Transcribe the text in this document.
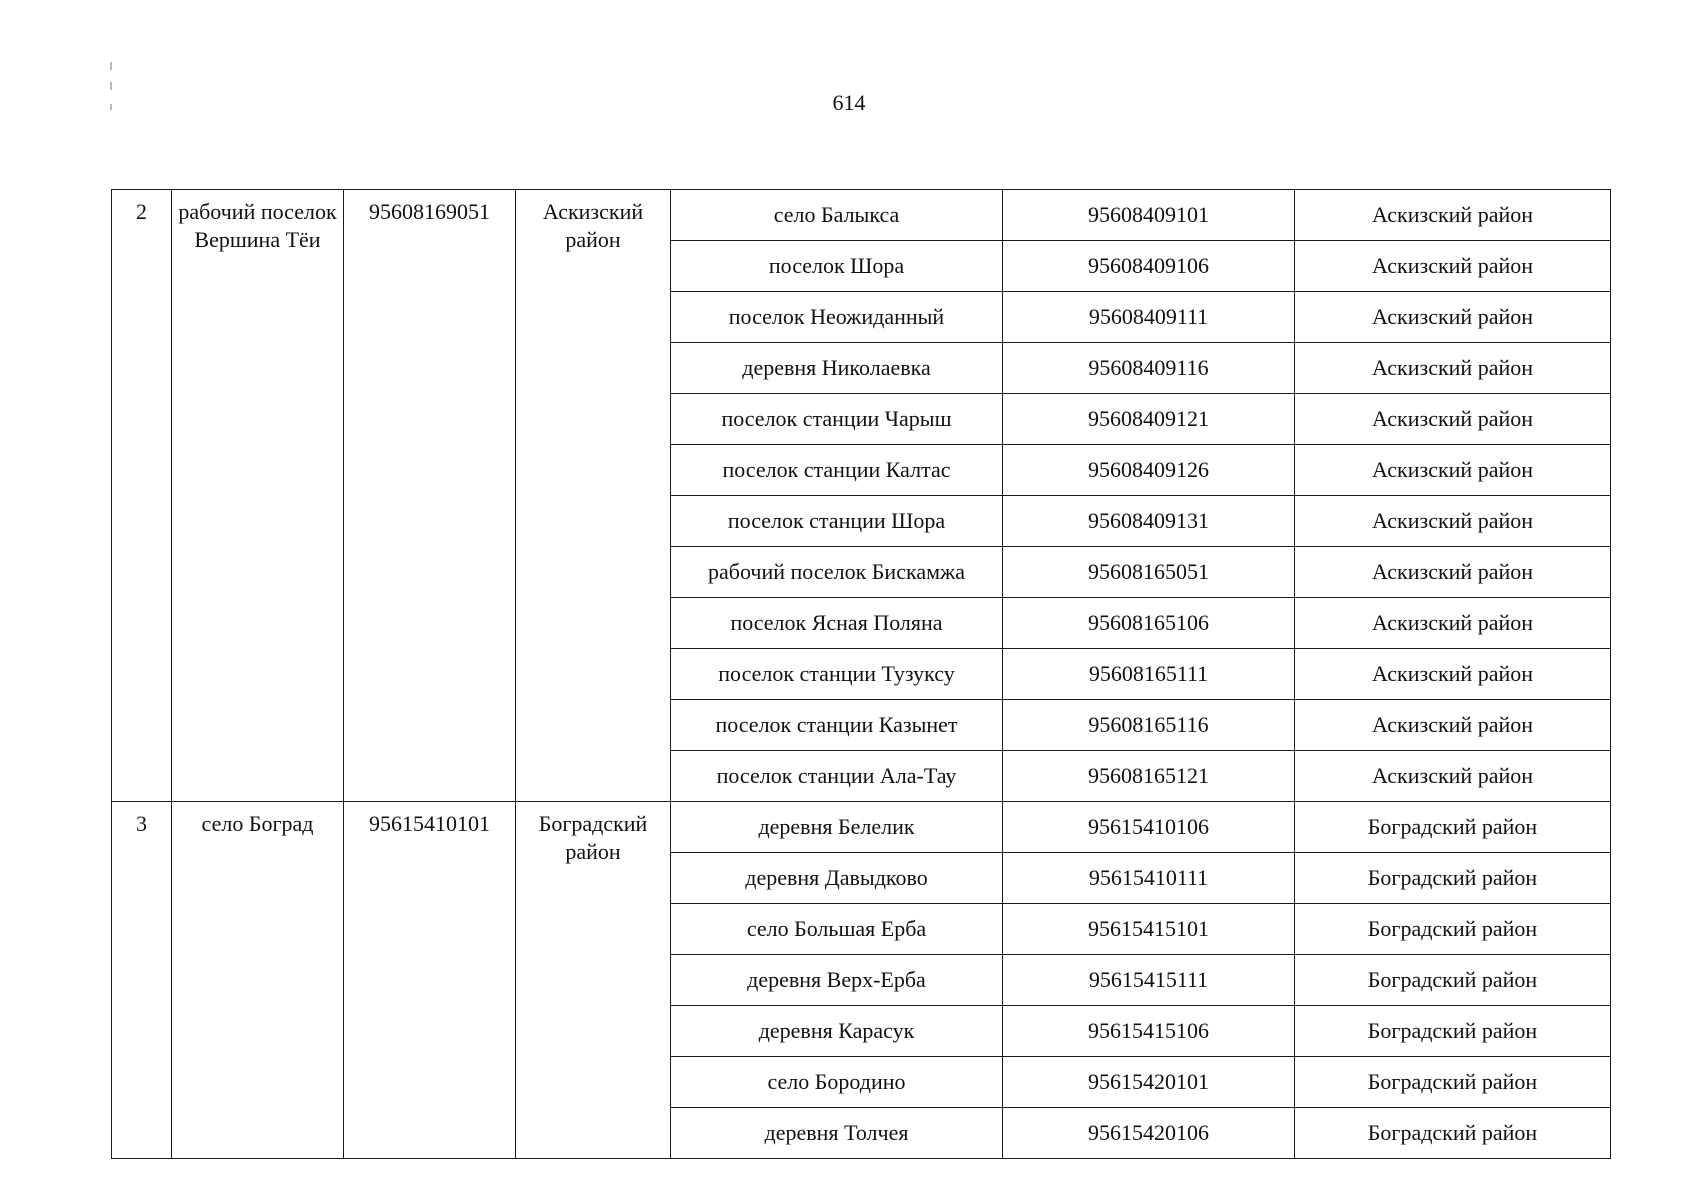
614
2	рабочий поселок Вершина Тёи	95608169051	Аскизский район	село Балыкса	95608409101	Аскизский район
				поселок Шора	95608409106	Аскизский район
				поселок Неожиданный	95608409111	Аскизский район
				деревня Николаевка	95608409116	Аскизский район
				поселок станции Чарыш	95608409121	Аскизский район
				поселок станции Калтас	95608409126	Аскизский район
				поселок станции Шора	95608409131	Аскизский район
				рабочий поселок Бискамжа	95608165051	Аскизский район
				поселок Ясная Поляна	95608165106	Аскизский район
				поселок станции Тузуксу	95608165111	Аскизский район
				поселок станции Казынет	95608165116	Аскизский район
				поселок станции Ала-Тау	95608165121	Аскизский район
3	село Боград	95615410101	Боградский район	деревня Белелик	95615410106	Боградский район
				деревня Давыдково	95615410111	Боградский район
				село Большая Ерба	95615415101	Боградский район
				деревня Верх-Ерба	95615415111	Боградский район
				деревня Карасук	95615415106	Боградский район
				село Бородино	95615420101	Боградский район
				деревня Толчея	95615420106	Боградский район
